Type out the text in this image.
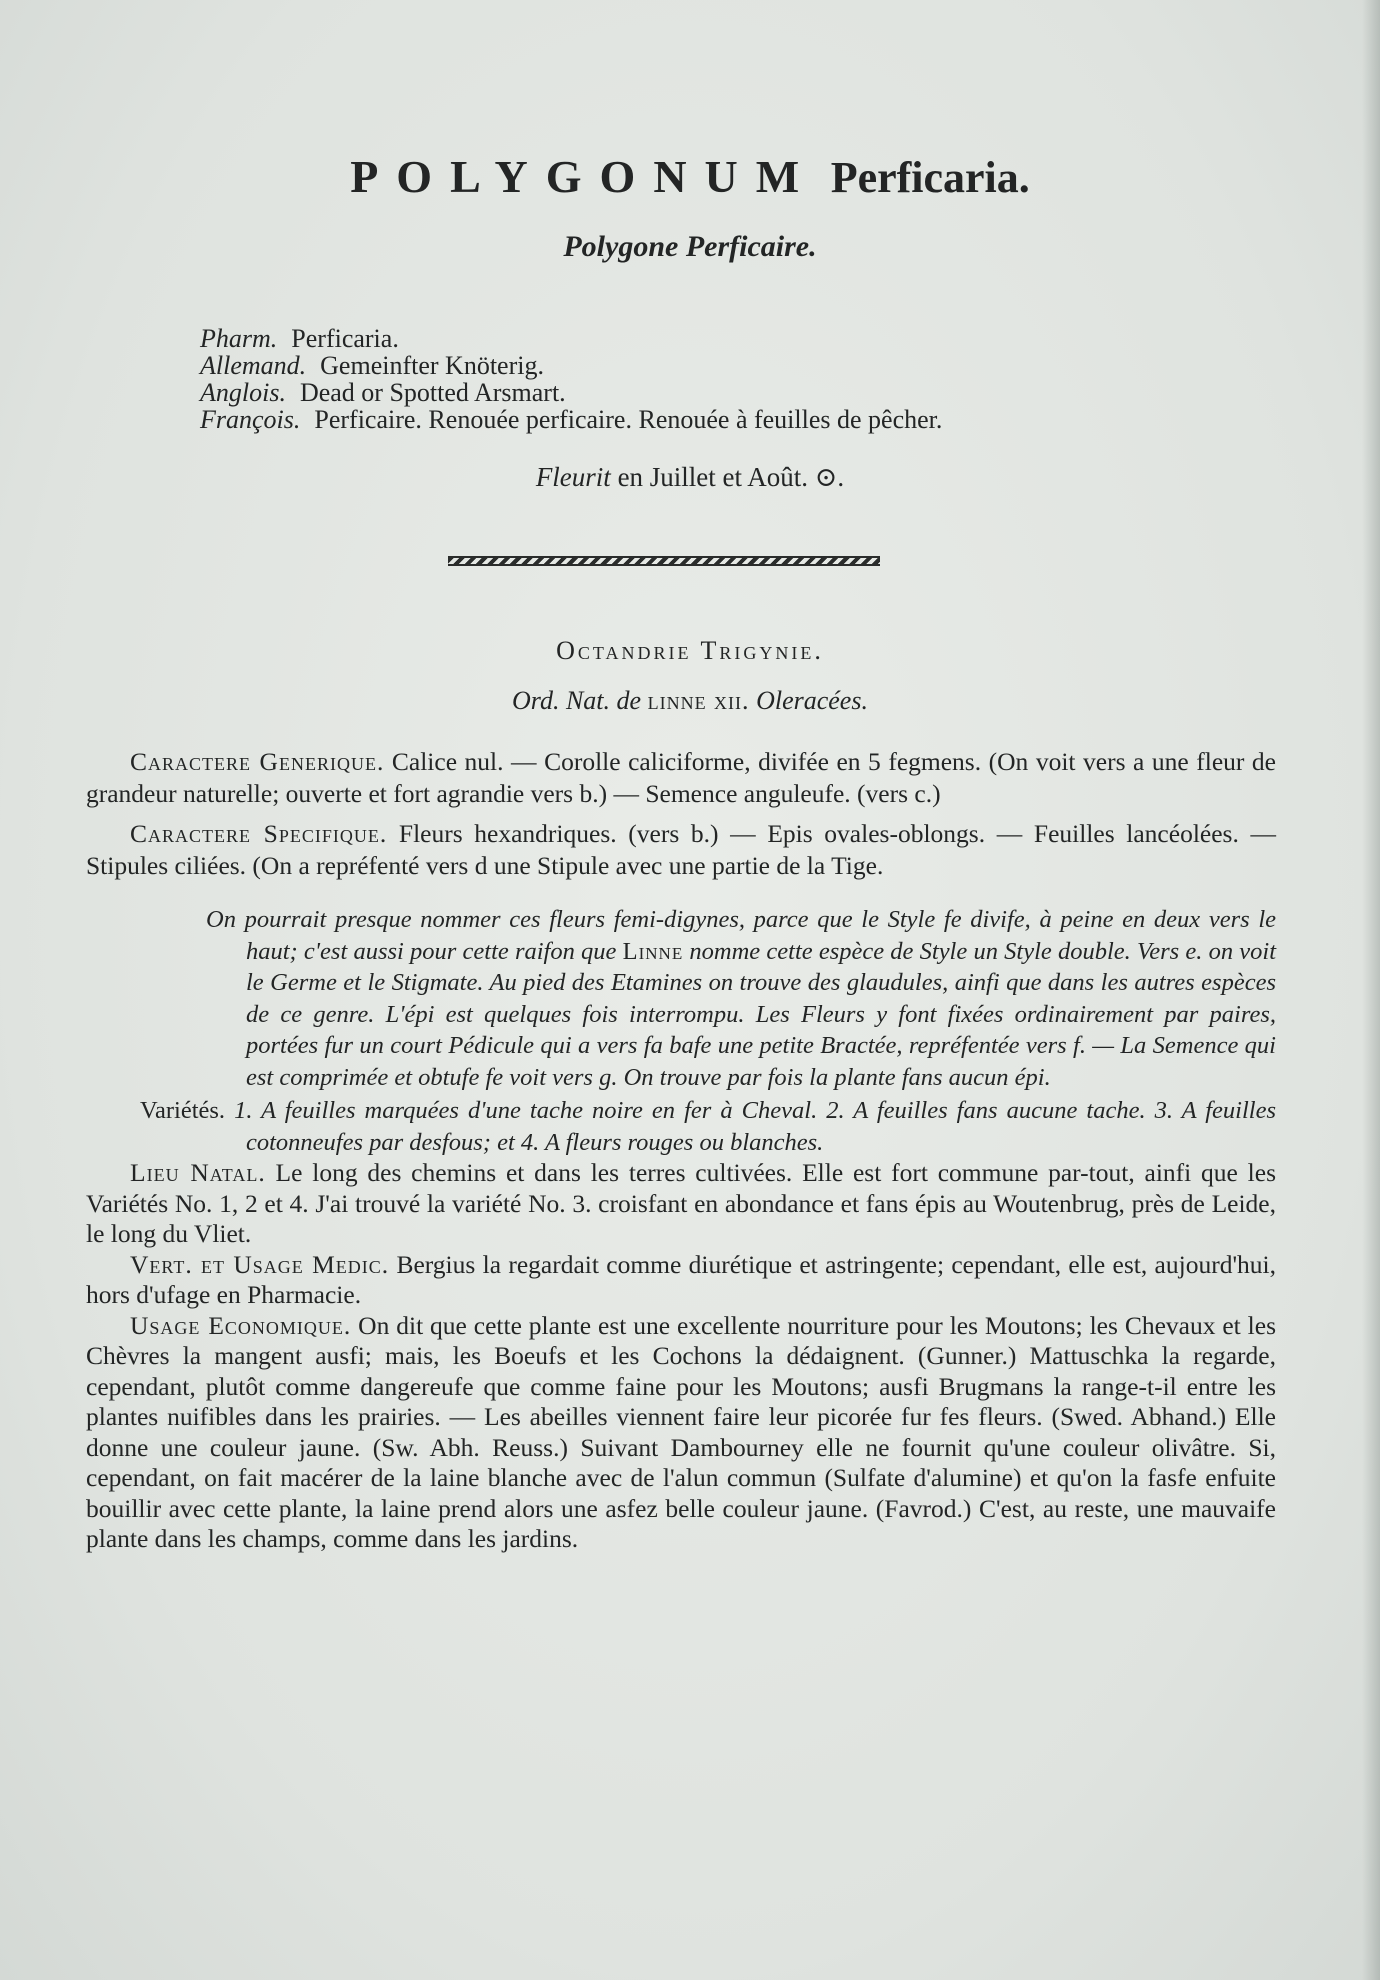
POLYGONUM Perficaria.
Polygone Perficaire.
Pharm. Perficaria.
Allemand. Gemeinfter Knöterig.
Anglois. Dead or Spotted Arsmart.
François. Perficaire. Renouée perficaire. Renouée à feuilles de pêcher.
Fleurit en Juillet et Août. ⊙.
Octandrie Trigynie.
Ord. Nat. de linne xii. Oleracées.

Caractere Generique. Calice nul. — Corolle caliciforme, divifée en 5 fegmens. (On voit vers a une fleur de grandeur naturelle; ouverte et fort agrandie vers b.) — Semence anguleufe. (vers c.)

Caractere Specifique. Fleurs hexandriques. (vers b.) — Epis ovales-oblongs. — Feuilles lancéolées. — Stipules ciliées. (On a repréfenté vers d une Stipule avec une partie de la Tige.

On pourrait presque nommer ces fleurs femi-digynes, parce que le Style fe divife, à peine en deux vers le haut; c'est aussi pour cette raifon que Linne nomme cette espèce de Style un Style double. Vers e. on voit le Germe et le Stigmate. Au pied des Etamines on trouve des glaudules, ainfi que dans les autres espèces de ce genre. L'épi est quelques fois interrompu. Les Fleurs y font fixées ordinairement par paires, portées fur un court Pédicule qui a vers fa bafe une petite Bractée, repréfentée vers f. — La Semence qui est comprimée et obtufe fe voit vers g. On trouve par fois la plante fans aucun épi.

Variétés. 1. A feuilles marquées d'une tache noire en fer à Cheval. 2. A feuilles fans aucune tache. 3. A feuilles cotonneufes par desfous; et 4. A fleurs rouges ou blanches.

Lieu Natal. Le long des chemins et dans les terres cultivées. Elle est fort commune par-tout, ainfi que les Variétés No. 1, 2 et 4. J'ai trouvé la variété No. 3. croisfant en abondance et fans épis au Woutenbrug, près de Leide, le long du Vliet.

Vert. et Usage Medic. Bergius la regardait comme diurétique et astringente; cependant, elle est, aujourd'hui, hors d'ufage en Pharmacie.

Usage Economique. On dit que cette plante est une excellente nourriture pour les Moutons; les Chevaux et les Chèvres la mangent ausfi; mais, les Boeufs et les Cochons la dédaignent. (Gunner.) Mattuschka la regarde, cependant, plutôt comme dangereufe que comme faine pour les Moutons; ausfi Brugmans la range-t-il entre les plantes nuifibles dans les prairies. — Les abeilles viennent faire leur picorée fur fes fleurs. (Swed. Abhand.) Elle donne une couleur jaune. (Sw. Abh. Reuss.) Suivant Dambourney elle ne fournit qu'une couleur olivâtre. Si, cependant, on fait macérer de la laine blanche avec de l'alun commun (Sulfate d'alumine) et qu'on la fasfe enfuite bouillir avec cette plante, la laine prend alors une asfez belle couleur jaune. (Favrod.) C'est, au reste, une mauvaife plante dans les champs, comme dans les jardins.
